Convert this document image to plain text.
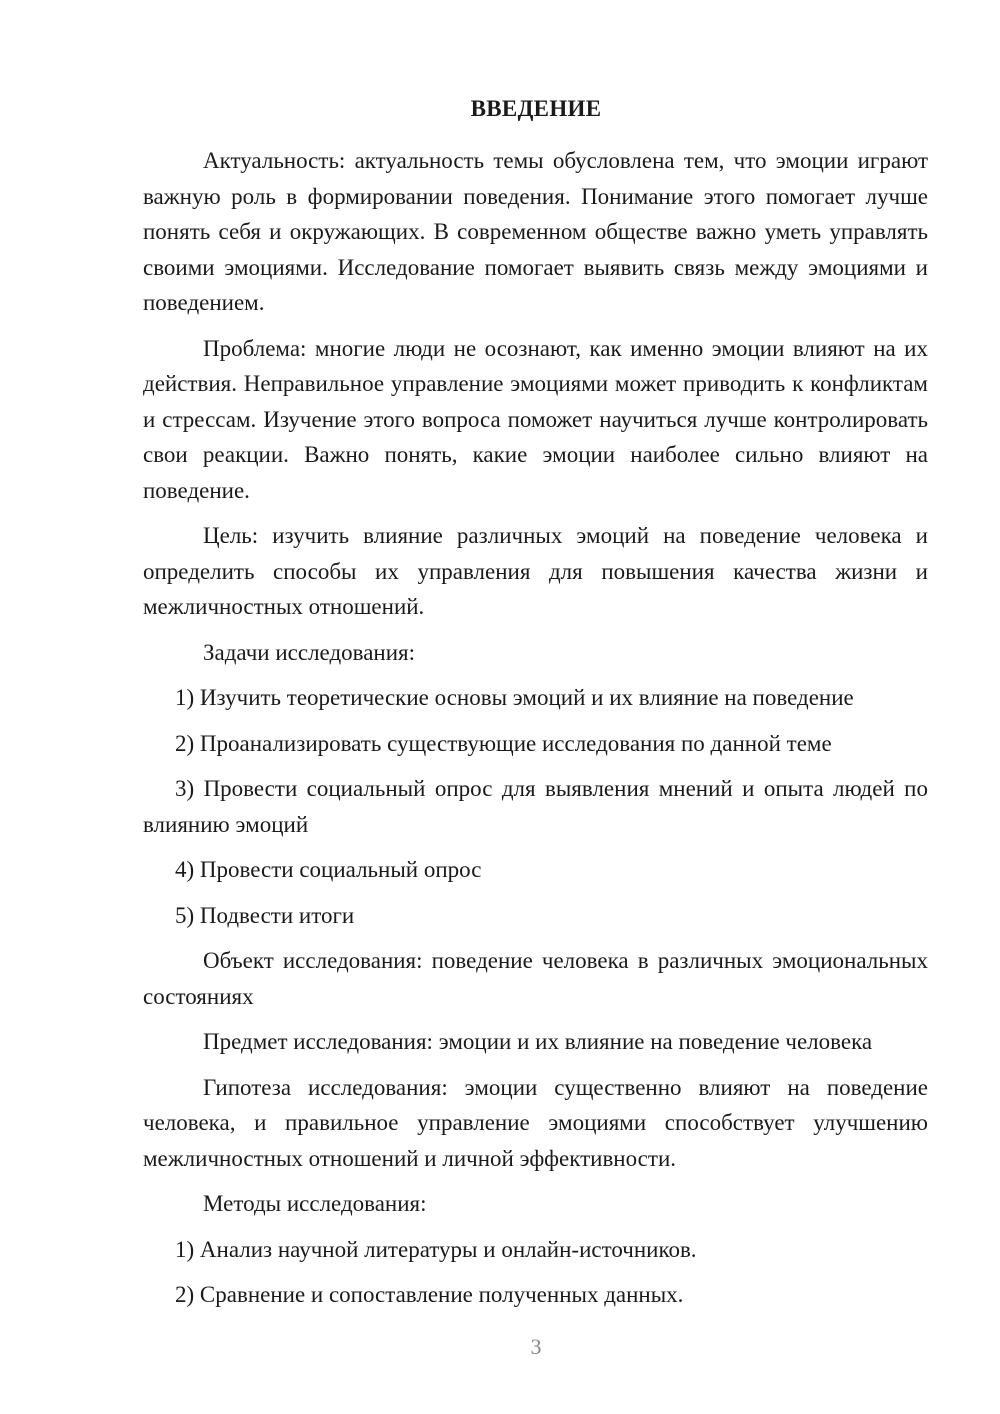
ВВЕДЕНИЕ

Актуальность: актуальность темы обусловлена тем, что эмоции играют важную роль в формировании поведения. Понимание этого помогает лучше понять себя и окружающих. В современном обществе важно уметь управлять своими эмоциями. Исследование помогает выявить связь между эмоциями и поведением.

Проблема: многие люди не осознают, как именно эмоции влияют на их действия. Неправильное управление эмоциями может приводить к конфликтам и стрессам. Изучение этого вопроса поможет научиться лучше контролировать свои реакции. Важно понять, какие эмоции наиболее сильно влияют на поведение.

Цель: изучить влияние различных эмоций на поведение человека и определить способы их управления для повышения качества жизни и межличностных отношений.

Задачи исследования:

1) Изучить теоретические основы эмоций и их влияние на поведение

2) Проанализировать существующие исследования по данной теме

3) Провести социальный опрос для выявления мнений и опыта людей по влиянию эмоций

4) Провести социальный опрос

5) Подвести итоги

Объект исследования: поведение человека в различных эмоциональных состояниях

Предмет исследования: эмоции и их влияние на поведение человека

Гипотеза исследования: эмоции существенно влияют на поведение человека, и правильное управление эмоциями способствует улучшению межличностных отношений и личной эффективности.

Методы исследования:

1) Анализ научной литературы и онлайн-источников.

2) Сравнение и сопоставление полученных данных.

3
